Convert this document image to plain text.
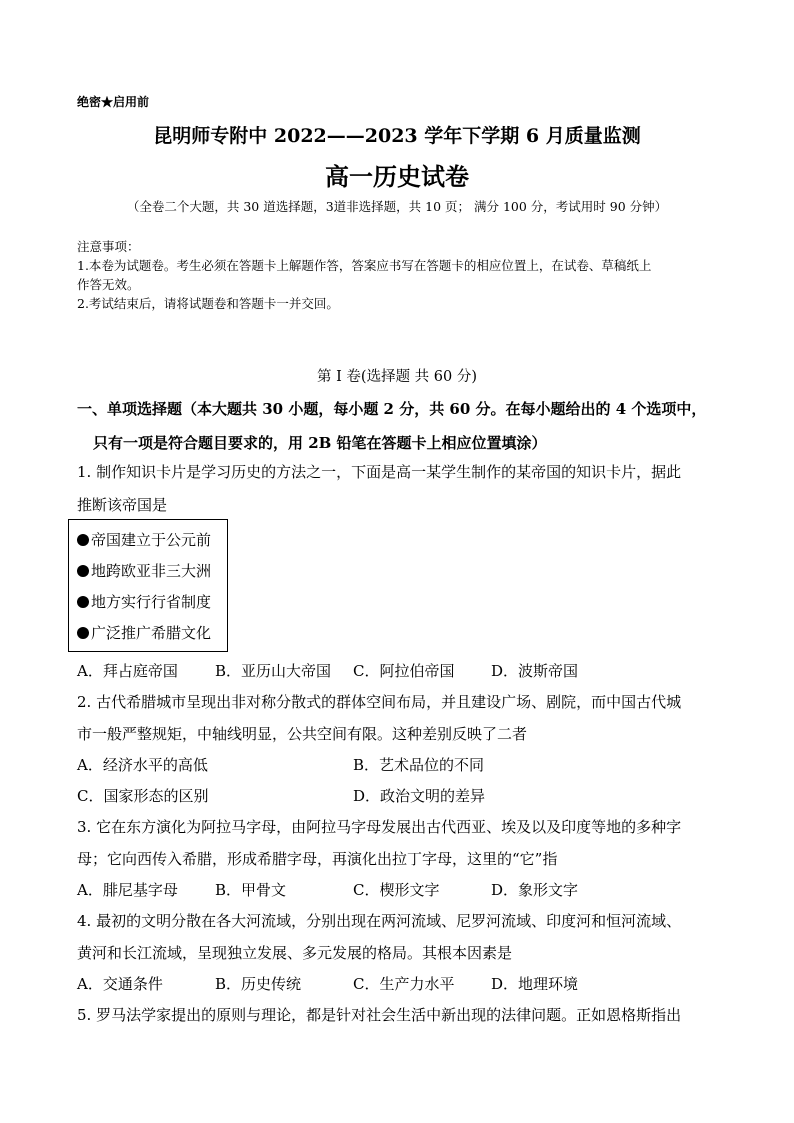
绝密★启用前
昆明师专附中 2022——2023 学年下学期 6 月质量监测
高一历史试卷
（全卷二个大题，共 30 道选择题，3道非选择题，共 10 页； 满分 100 分，考试用时 90 分钟）
注意事项：
1.本卷为试题卷。考生必须在答题卡上解题作答，答案应书写在答题卡的相应位置上，在试卷、草稿纸上
作答无效。
2.考试结束后，请将试题卷和答题卡一并交回。
第 I 卷(选择题 共 60 分)
一、单项选择题（本大题共 30 小题，每小题 2 分，共 60 分。在每小题给出的 4 个选项中，
只有一项是符合题目要求的，用 2B 铅笔在答题卡上相应位置填涂）
1. 制作知识卡片是学习历史的方法之一，下面是高一某学生制作的某帝国的知识卡片，据此
推断该帝国是
帝国建立于公元前
地跨欧亚非三大洲
地方实行行省制度
广泛推广希腊文化
A．拜占庭帝国 B．亚历山大帝国 C．阿拉伯帝国 D．波斯帝国
2. 古代希腊城市呈现出非对称分散式的群体空间布局，并且建设广场、剧院，而中国古代城
市一般严整规矩，中轴线明显，公共空间有限。这种差别反映了二者
A．经济水平的高低	B．艺术品位的不同
C．国家形态的区别	D．政治文明的差异
3. 它在东方演化为阿拉马字母，由阿拉马字母发展出古代西亚、埃及以及印度等地的多种字
母；它向西传入希腊，形成希腊字母，再演化出拉丁字母，这里的“它”指
A．腓尼基字母 B．甲骨文	C．楔形文字	D．象形文字
4. 最初的文明分散在各大河流域，分别出现在两河流域、尼罗河流域、印度河和恒河流域、
黄河和长江流域，呈现独立发展、多元发展的格局。其根本因素是
A．交通条件	B．历史传统	C．生产力水平 D．地理环境
5. 罗马法学家提出的原则与理论，都是针对社会生活中新出现的法律问题。正如恩格斯指出
